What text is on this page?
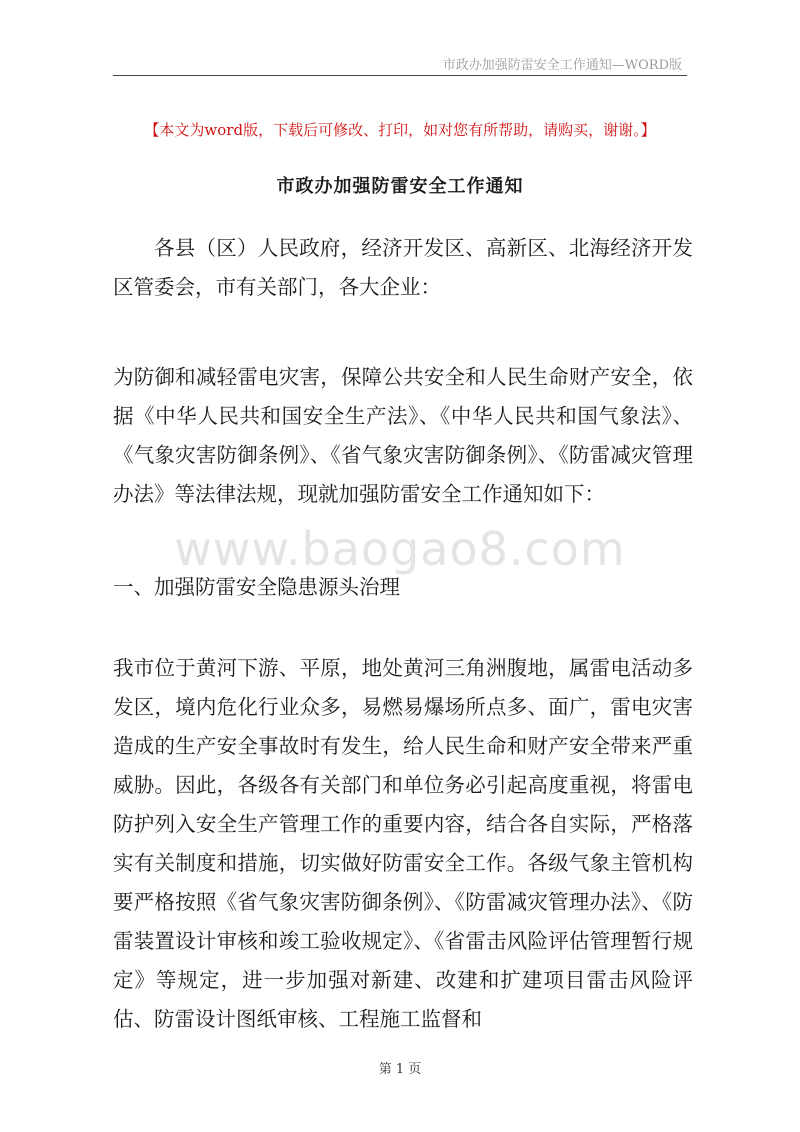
市政办加强防雷安全工作通知—WORD版
【本文为word版，下载后可修改、打印，如对您有所帮助，请购买，谢谢。】
市政办加强防雷安全工作通知
各县（区）人民政府，经济开发区、高新区、北海经济开发区管委会，市有关部门，各大企业：
为防御和减轻雷电灾害，保障公共安全和人民生命财产安全，依据《中华人民共和国安全生产法》、《中华人民共和国气象法》、《气象灾害防御条例》、《省气象灾害防御条例》、《防雷减灾管理办法》等法律法规，现就加强防雷安全工作通知如下：
www.baogao8.com
一、加强防雷安全隐患源头治理
我市位于黄河下游、平原，地处黄河三角洲腹地，属雷电活动多发区，境内危化行业众多，易燃易爆场所点多、面广，雷电灾害造成的生产安全事故时有发生，给人民生命和财产安全带来严重威胁。因此，各级各有关部门和单位务必引起高度重视，将雷电防护列入安全生产管理工作的重要内容，结合各自实际，严格落实有关制度和措施，切实做好防雷安全工作。各级气象主管机构要严格按照《省气象灾害防御条例》、《防雷减灾管理办法》、《防雷装置设计审核和竣工验收规定》、《省雷击风险评估管理暂行规定》等规定，进一步加强对新建、改建和扩建项目雷击风险评估、防雷设计图纸审核、工程施工监督和
第 1 页
